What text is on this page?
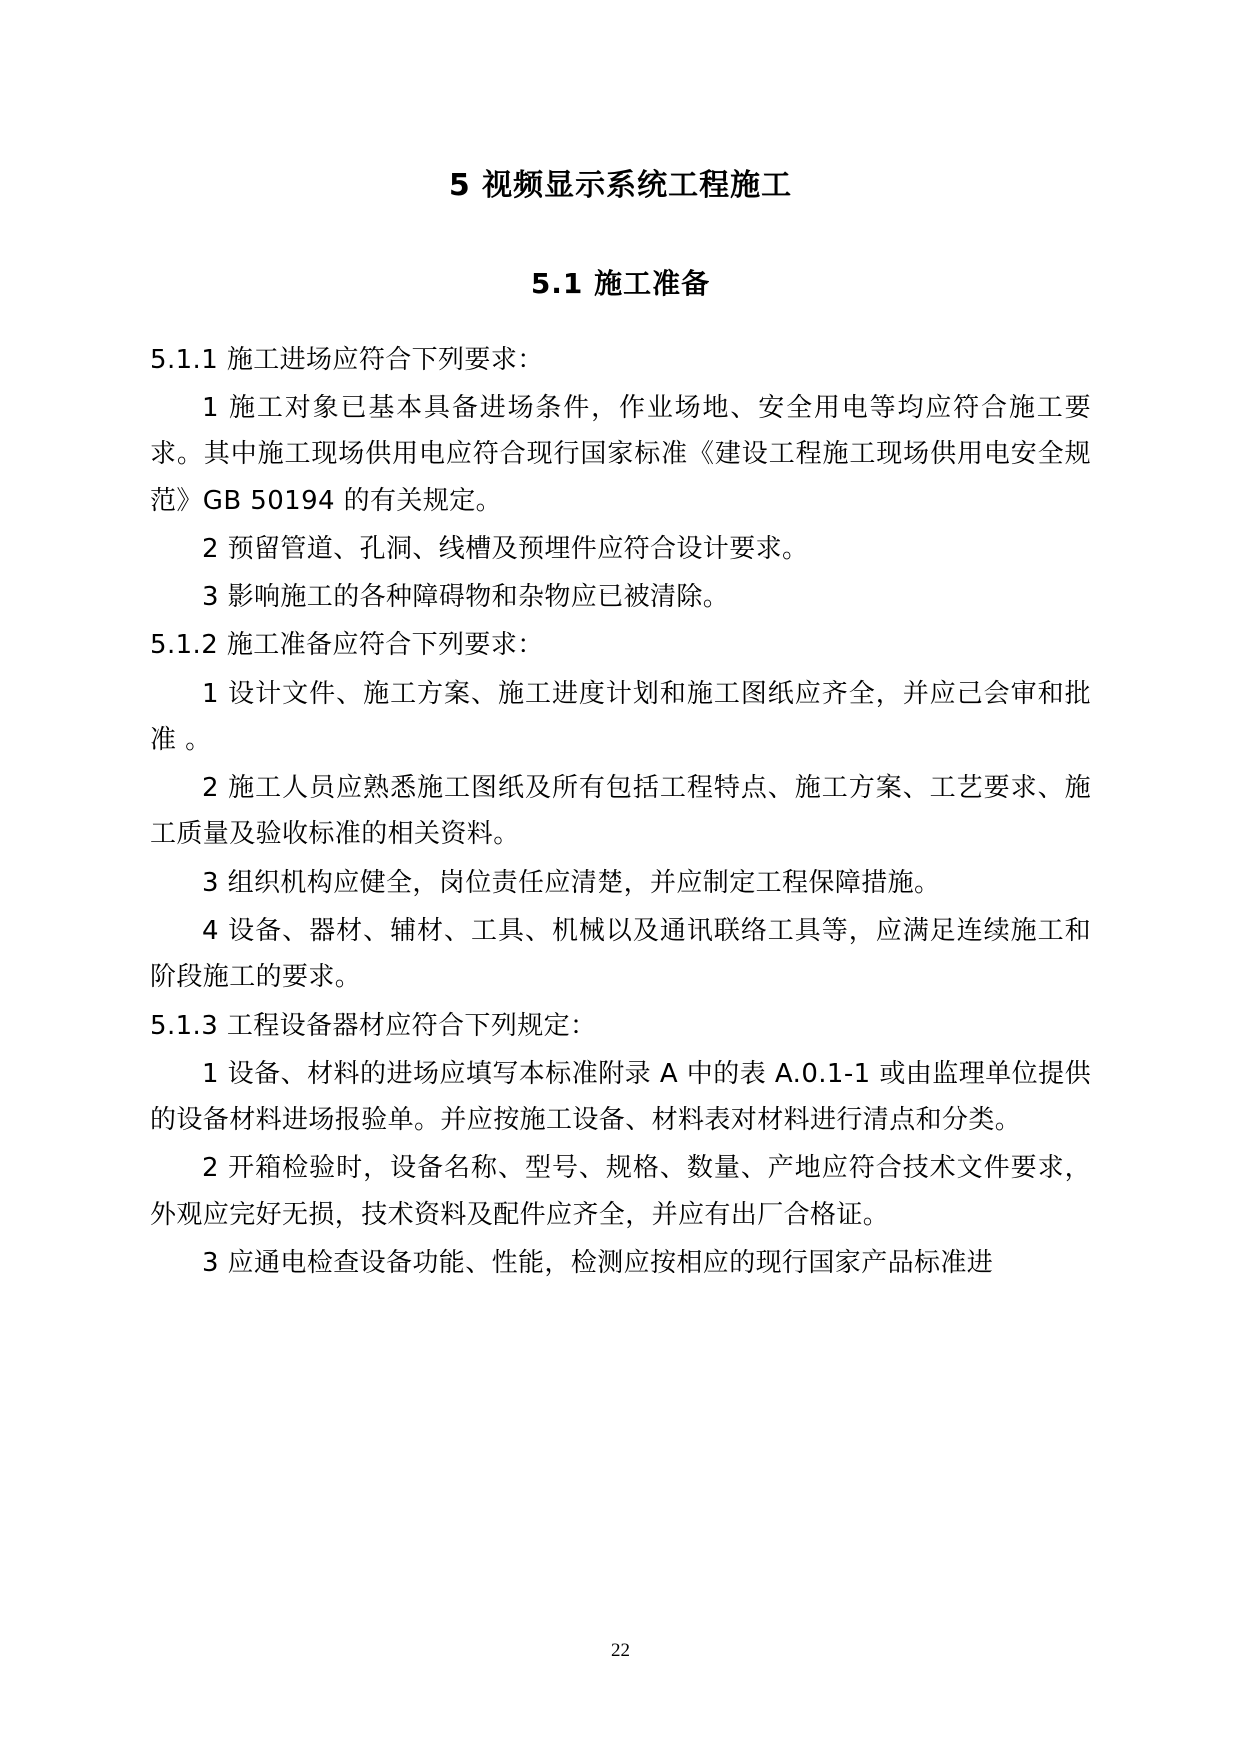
5 视频显示系统工程施工
5.1 施工准备

5.1.1 施工进场应符合下列要求：

1 施工对象已基本具备进场条件，作业场地、安全用电等均应符合施工要求。其中施工现场供用电应符合现行国家标准《建设工程施工现场供用电安全规范》GB 50194 的有关规定。

2 预留管道、孔洞、线槽及预埋件应符合设计要求。

3 影响施工的各种障碍物和杂物应已被清除。

5.1.2 施工准备应符合下列要求：

1 设计文件、施工方案、施工进度计划和施工图纸应齐全，并应己会审和批准 。

2 施工人员应熟悉施工图纸及所有包括工程特点、施工方案、工艺要求、施工质量及验收标准的相关资料。

3 组织机构应健全，岗位责任应清楚，并应制定工程保障措施。

4 设备、器材、辅材、工具、机械以及通讯联络工具等，应满足连续施工和阶段施工的要求。

5.1.3 工程设备器材应符合下列规定：

1 设备、材料的进场应填写本标准附录 A 中的表 A.0.1-1 或由监理单位提供的设备材料进场报验单。并应按施工设备、材料表对材料进行清点和分类。

2 开箱检验时，设备名称、型号、规格、数量、产地应符合技术文件要求，外观应完好无损，技术资料及配件应齐全，并应有出厂合格证。

3 应通电检查设备功能、性能，检测应按相应的现行国家产品标准进

22
